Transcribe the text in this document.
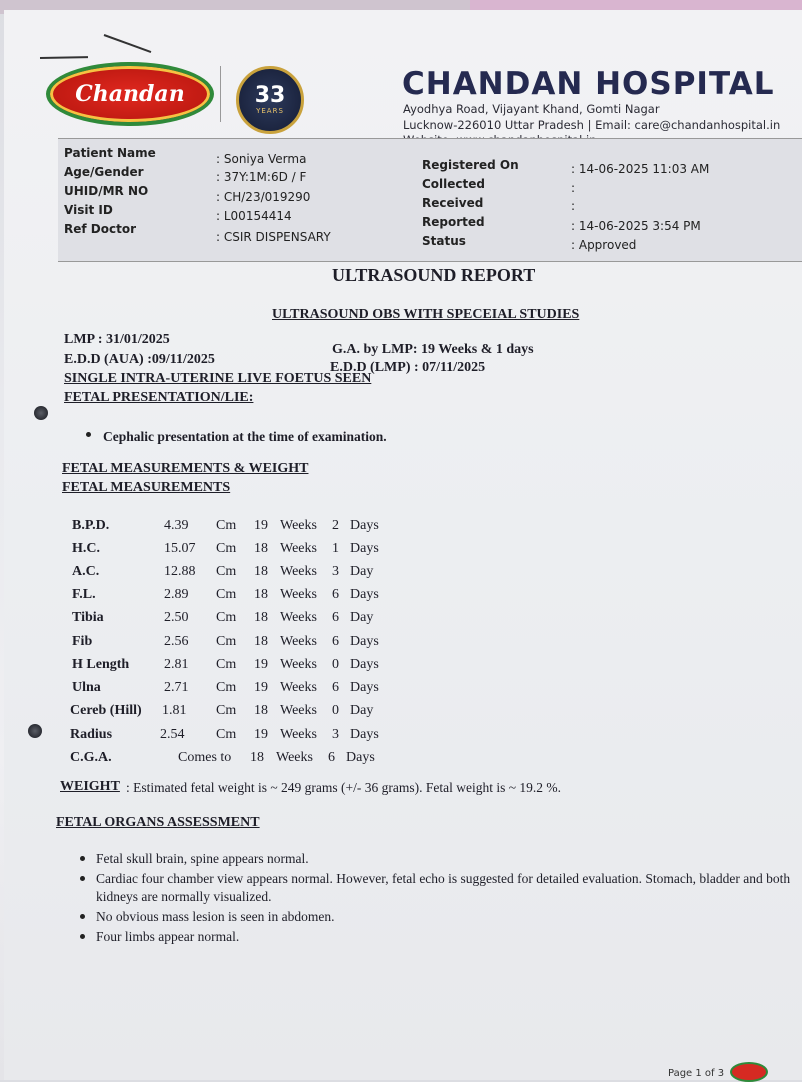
Chandan	33
YEARS
CHANDAN HOSPITAL
Ayodhya Road, Vijayant Khand, Gomti Nagar
Lucknow-226010 Uttar Pradesh | Email: care@chandanhospital.in
Patient Name	: Soniya Verma
Age/Gender	: 37Y:1M:6D / F
UHID/MR NO	: CH/23/019290
Visit ID	: L00154414
Ref Doctor
: CSIR DISPENSARY
Registered On	: 14-06-2025 11:03 AM
Collected	:
Received	:
Reported	: 14-06-2025 3:54 PM
Status	: Approved
ULTRASOUND REPORT
ULTRASOUND OBS WITH SPECEIAL STUDIES
LMP : 31/01/2025
G.A. by LMP: 19 Weeks & 1 days
E.D.D (AUA) :09/11/2025
E.D.D (LMP) : 07/11/2025
SINGLE INTRA-UTERINE LIVE FOETUS SEEN
FETAL PRESENTATION/LIE:
Cephalic presentation at the time of examination.
FETAL MEASUREMENTS & WEIGHT
FETAL MEASUREMENTS
B.P.D.	4.39 Cm 19 Weeks 2 Days
H.C.	15.07 Cm 18 Weeks 1 Days
A.C.	12.88 Cm 18 Weeks 3 Day
F.L.	2.89 Cm 18 Weeks 6 Days
Tibia	2.50 Cm 18 Weeks 6 Day
Fib	2.56 Cm 18 Weeks 6 Days
H Length 2.81 Cm 19 Weeks 0 Days
Ulna	2.71 Cm 19 Weeks 6 Days
Cereb (Hill) 1.81 Cm 18 Weeks 0 Day
Radius	2.54 Cm 19 Weeks 3 Days
C.G.A.	Comes to 18 Weeks 6 Days
WEIGHT : Estimated fetal weight is ~ 249 grams (+/- 36 grams). Fetal weight is ~ 19.2 %.
FETAL ORGANS ASSESSMENT
Fetal skull brain, spine appears normal.
Cardiac four chamber view appears normal. However, fetal echo is suggested for detailed evaluation. Stomach, bladder and both kidneys are normally visualized.
No obvious mass lesion is seen in abdomen.
Four limbs appear normal.
Page 1 of 3
